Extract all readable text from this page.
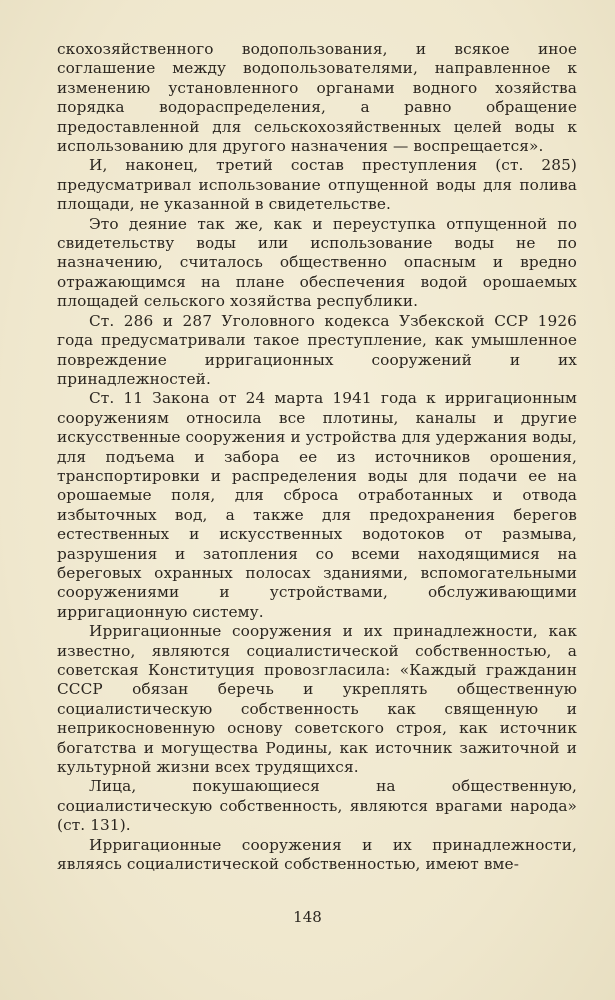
скохозяйственного водопользования, и всякое иное соглашение между водопользователями, направленное к изменению установленного органами водного хозяйства порядка водораспределения, а равно обращение предоставленной для сельскохозяйственных целей воды к использованию для другого назначения — воспрещается».

И, наконец, третий состав преступления (ст. 285) предусматривал использование отпущенной воды для полива площади, не указанной в свидетельстве.

Это деяние так же, как и переуступка отпущенной по свидетельству воды или использование воды не по назначению, считалось общественно опасным и вредно отражающимся на плане обеспечения водой орошаемых площадей сельского хозяйства республики.

Ст. 286 и 287 Уголовного кодекса Узбекской ССР 1926 года предусматривали такое преступление, как умышленное повреждение ирригационных сооружений и их принадлежностей.

Ст. 11 Закона от 24 марта 1941 года к ирригационным сооружениям относила все плотины, каналы и другие искусственные сооружения и устройства для удержания воды, для подъема и забора ее из источников орошения, транспортировки и распределения воды для подачи ее на орошаемые поля, для сброса отработанных и отвода избыточных вод, а также для предохранения берегов естественных и искусственных водотоков от размыва, разрушения и затопления со всеми находящимися на береговых охранных полосах зданиями, вспомогательными сооружениями и устройствами, обслуживающими ирригационную систему.

Ирригационные сооружения и их принадлежности, как известно, являются социалистической собственностью, а советская Конституция провозгласила: «Каждый гражданин СССР обязан беречь и укреплять общественную социалистическую собственность как священную и неприкосновенную основу советского строя, как источник богатства и могущества Родины, как источник зажиточной и культурной жизни всех трудящихся.

Лица, покушающиеся на общественную, социалистическую собственность, являются врагами народа» (ст. 131).

Ирригационные сооружения и их принадлежности, являясь социалистической собственностью, имеют вме-

148
